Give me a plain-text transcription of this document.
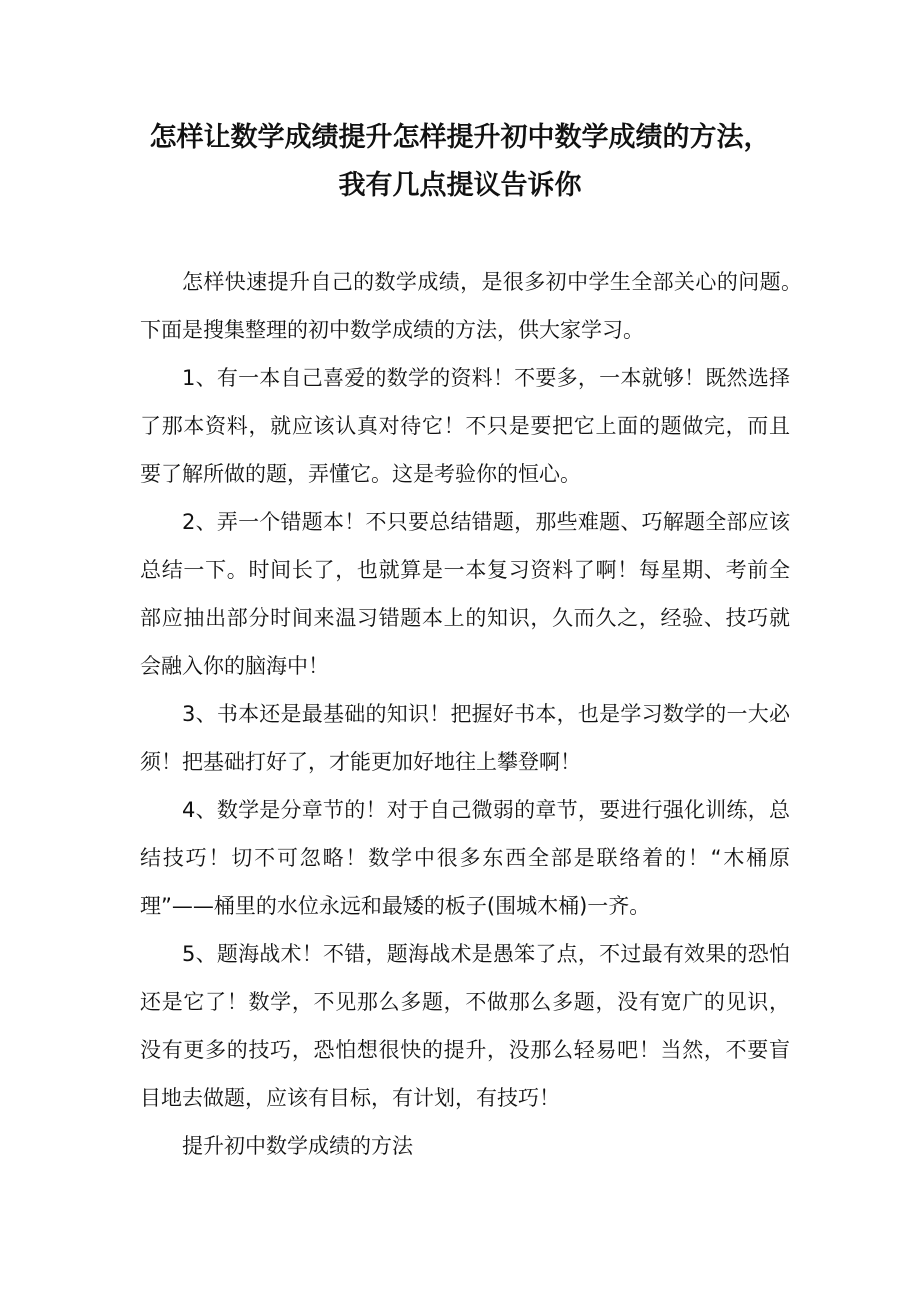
怎样让数学成绩提升怎样提升初中数学成绩的方法，
我有几点提议告诉你

怎样快速提升自己的数学成绩，是很多初中学生全部关心的问题。下面是搜集整理的初中数学成绩的方法，供大家学习。

1、有一本自己喜爱的数学的资料！不要多，一本就够！既然选择了那本资料，就应该认真对待它！不只是要把它上面的题做完，而且要了解所做的题，弄懂它。这是考验你的恒心。

2、弄一个错题本！不只要总结错题，那些难题、巧解题全部应该总结一下。时间长了，也就算是一本复习资料了啊！每星期、考前全部应抽出部分时间来温习错题本上的知识，久而久之，经验、技巧就会融入你的脑海中！

3、书本还是最基础的知识！把握好书本，也是学习数学的一大必须！把基础打好了，才能更加好地往上攀登啊！

4、数学是分章节的！对于自己微弱的章节，要进行强化训练，总结技巧！切不可忽略！数学中很多东西全部是联络着的！“木桶原理”——桶里的水位永远和最矮的板子(围城木桶)一齐。

5、题海战术！不错，题海战术是愚笨了点，不过最有效果的恐怕还是它了！数学，不见那么多题，不做那么多题，没有宽广的见识，没有更多的技巧，恐怕想很快的提升，没那么轻易吧！当然，不要盲目地去做题，应该有目标，有计划，有技巧！

提升初中数学成绩的方法
